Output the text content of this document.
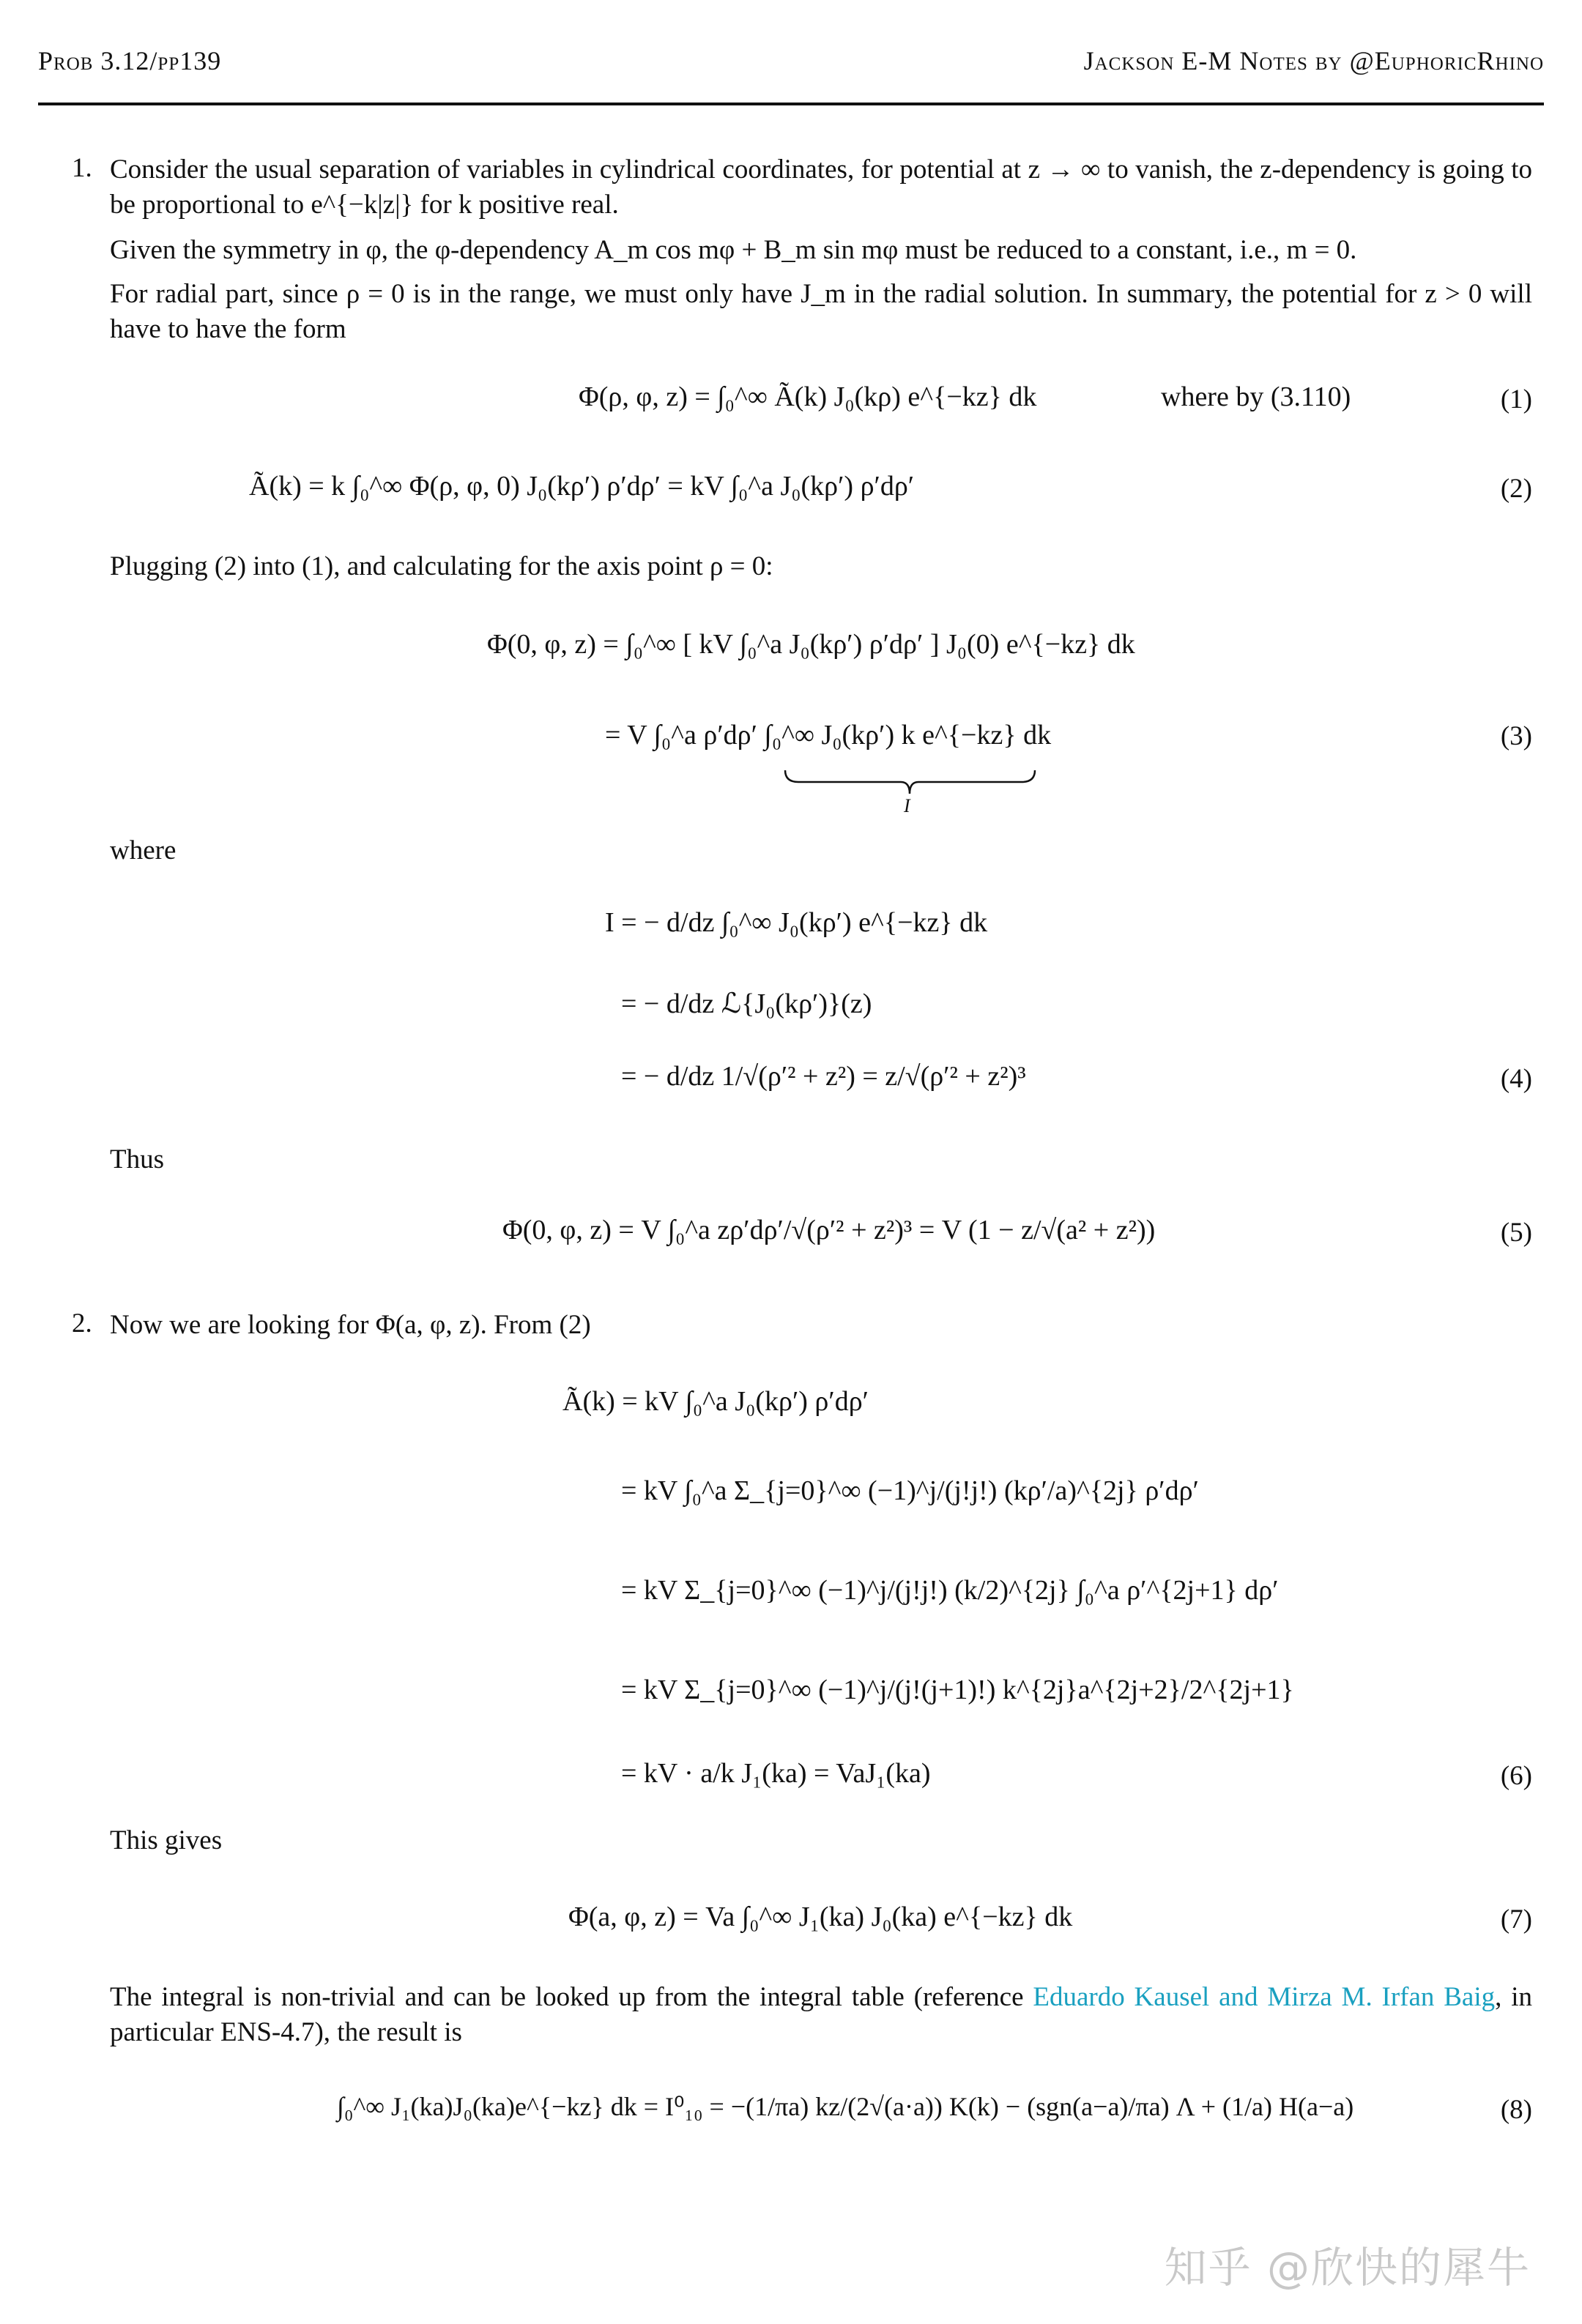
Prob 3.12/pp139	Jackson E-M Notes by @EuphoricRhino
1. Consider the usual separation of variables in cylindrical coordinates, for potential at z → ∞ to vanish, the z-dependency is going to be proportional to e^{−k|z|} for k positive real.
Given the symmetry in φ, the φ-dependency A_m cos mφ + B_m sin mφ must be reduced to a constant, i.e., m = 0.
For radial part, since ρ = 0 is in the range, we must only have J_m in the radial solution. In summary, the potential for z > 0 will have to have the form
Φ(ρ, φ, z) = ∫₀^∞ Ã(k) J₀(kρ) e^{−kz} dk	where by (3.110)	(1)
Ã(k) = k ∫₀^∞ Φ(ρ, φ, 0) J₀(kρ′) ρ′dρ′ = kV ∫₀^a J₀(kρ′) ρ′dρ′	(2)
Plugging (2) into (1), and calculating for the axis point ρ = 0:
Φ(0, φ, z) = ∫₀^∞ [ kV ∫₀^a J₀(kρ′) ρ′dρ′ ] J₀(0) e^{−kz} dk
= V ∫₀^a ρ′dρ′ ∫₀^∞ J₀(kρ′) k e^{−kz} dk
I
(3)
where
I = − d/dz ∫₀^∞ J₀(kρ′) e^{−kz} dk
= − d/dz ℒ{J₀(kρ′)}(z)
= − d/dz 1/√(ρ′² + z²) = z/√(ρ′² + z²)³	(4)
Thus
Φ(0, φ, z) = V ∫₀^a zρ′dρ′/√(ρ′² + z²)³ = V (1 − z/√(a² + z²))	(5)
2. Now we are looking for Φ(a, φ, z). From (2)
Ã(k) = kV ∫₀^a J₀(kρ′) ρ′dρ′
= kV ∫₀^a Σ_{j=0}^∞ (−1)^j/(j!j!) (kρ′/a)^{2j} ρ′dρ′
= kV Σ_{j=0}^∞ (−1)^j/(j!j!) (k/2)^{2j} ∫₀^a ρ′^{2j+1} dρ′
= kV Σ_{j=0}^∞ (−1)^j/(j!(j+1)!) k^{2j}a^{2j+2}/2^{2j+1}
= kV · a/k J₁(ka) = VaJ₁(ka)	(6)
This gives
Φ(a, φ, z) = Va ∫₀^∞ J₁(ka) J₀(ka) e^{−kz} dk	(7)
The integral is non-trivial and can be looked up from the integral table (reference Eduardo Kausel and Mirza M. Irfan Baig, in particular ENS-4.7), the result is
∫₀^∞ J₁(ka)J₀(ka)e^{−kz} dk = I⁰₁₀ = −(1/πa) kz/(2√(a·a)) K(k) − (sgn(a−a)/πa) Λ + (1/a) H(a−a)	(8)
知乎 @欣快的犀牛
